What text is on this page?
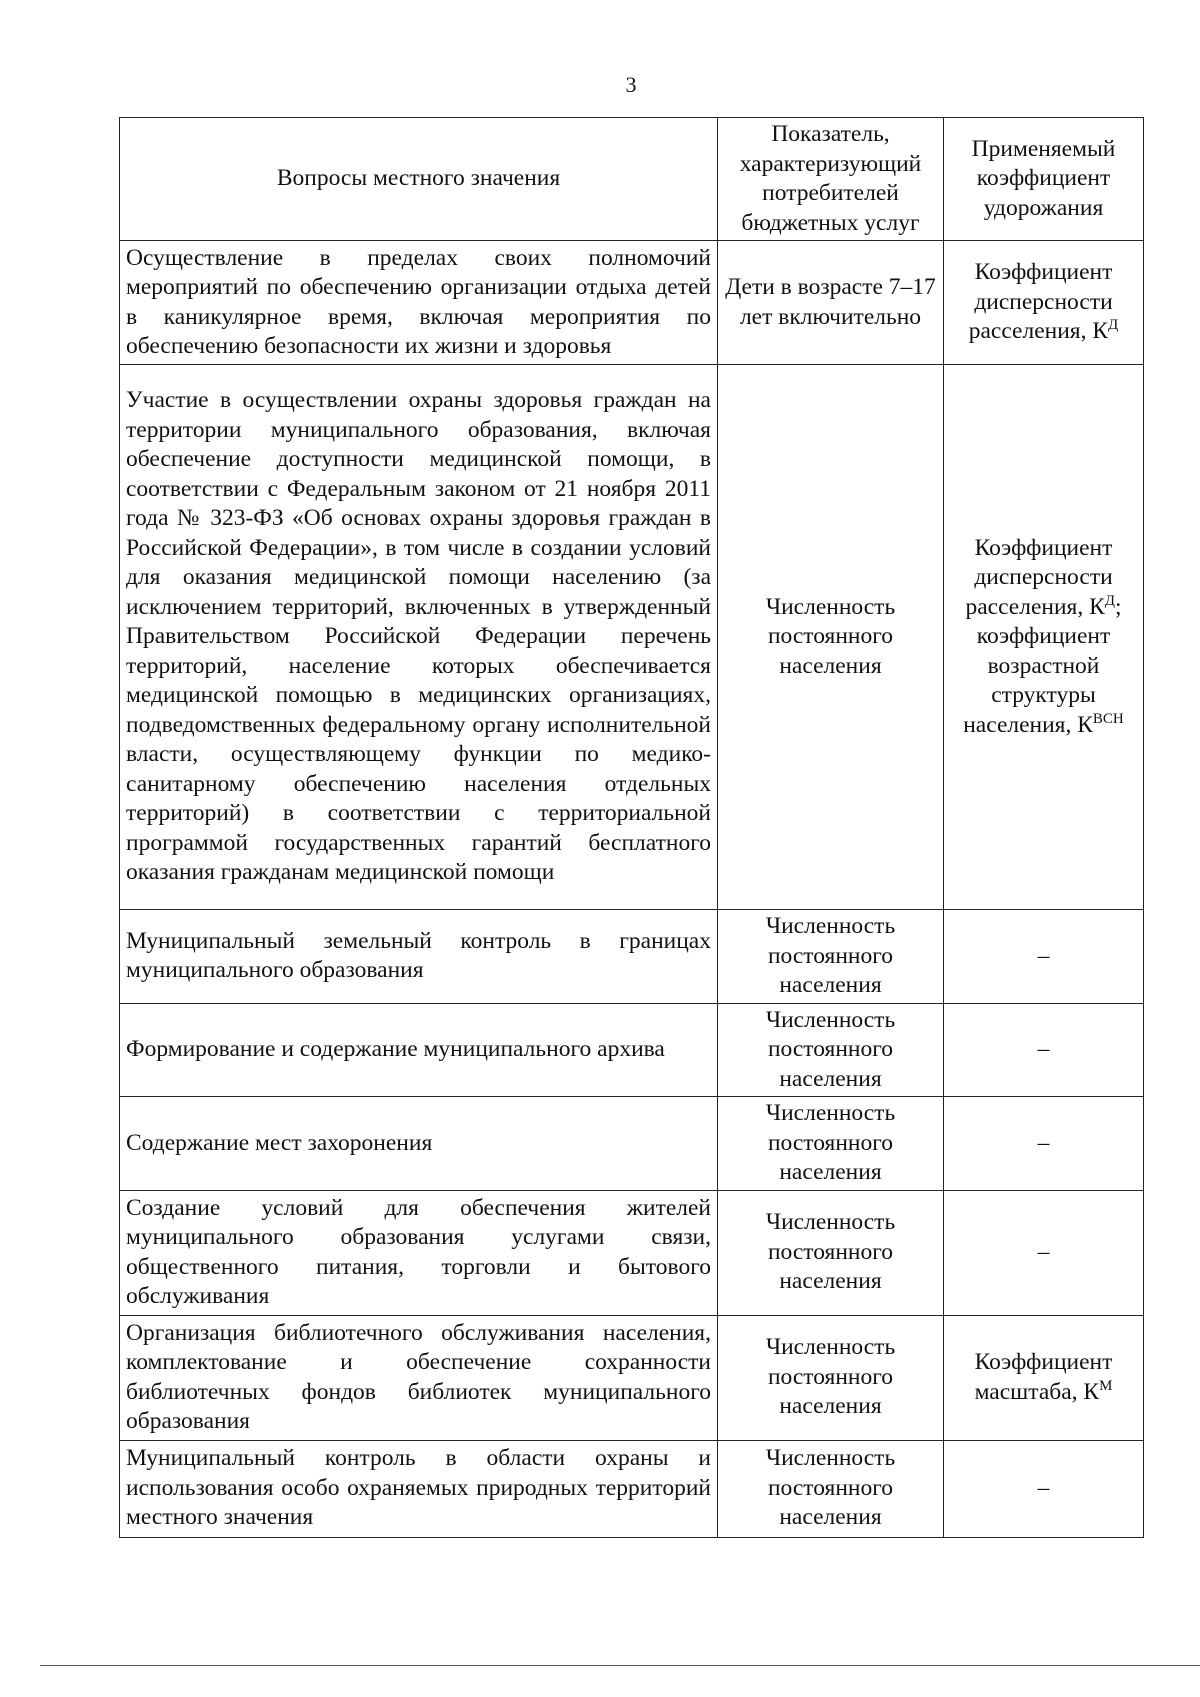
3
Вопросы местного значения	Показатель, характеризующий потребителей бюджетных услуг	Применяемый коэффициент удорожания
Осуществление в пределах своих полномочий мероприятий по обеспечению организации отдыха детей в каникулярное время, включая мероприятия по обеспечению безопасности их жизни и здоровья	Дети в возрасте 7–17 лет включительно	Коэффициент дисперсности расселения, $К^Д$
Участие в осуществлении охраны здоровья граждан на территории муниципального образования, включая обеспечение доступности медицинской помощи, в соответствии с Федеральным законом от 21 ноября 2011 года № 323-ФЗ «Об основах охраны здоровья граждан в Российской Федерации», в том числе в создании условий для оказания медицинской помощи населению (за исключением территорий, включенных в утвержденный Правительством Российской Федерации перечень территорий, население которых обеспечивается медицинской помощью в медицинских организациях, подведомственных федеральному органу исполнительной власти, осуществляющему функции по медико-санитарному обеспечению населения отдельных территорий) в соответствии с территориальной программой государственных гарантий бесплатного оказания гражданам медицинской помощи	Численность постоянного населения	Коэффициент дисперсности расселения, $К^Д$; коэффициент возрастной структуры населения, $К^{ВСН}$
Муниципальный земельный контроль в границах муниципального образования	Численность постоянного населения	–
Формирование и содержание муниципального архива	Численность постоянного населения	–
Содержание мест захоронения	Численность постоянного населения	–
Создание условий для обеспечения жителей муниципального образования услугами связи, общественного питания, торговли и бытового обслуживания	Численность постоянного населения	–
Организация библиотечного обслуживания населения, комплектование и обеспечение сохранности библиотечных фондов библиотек муниципального образования	Численность постоянного населения	Коэффициент масштаба, $К^М$
Муниципальный контроль в области охраны и использования особо охраняемых природных территорий местного значения	Численность постоянного населения	–
